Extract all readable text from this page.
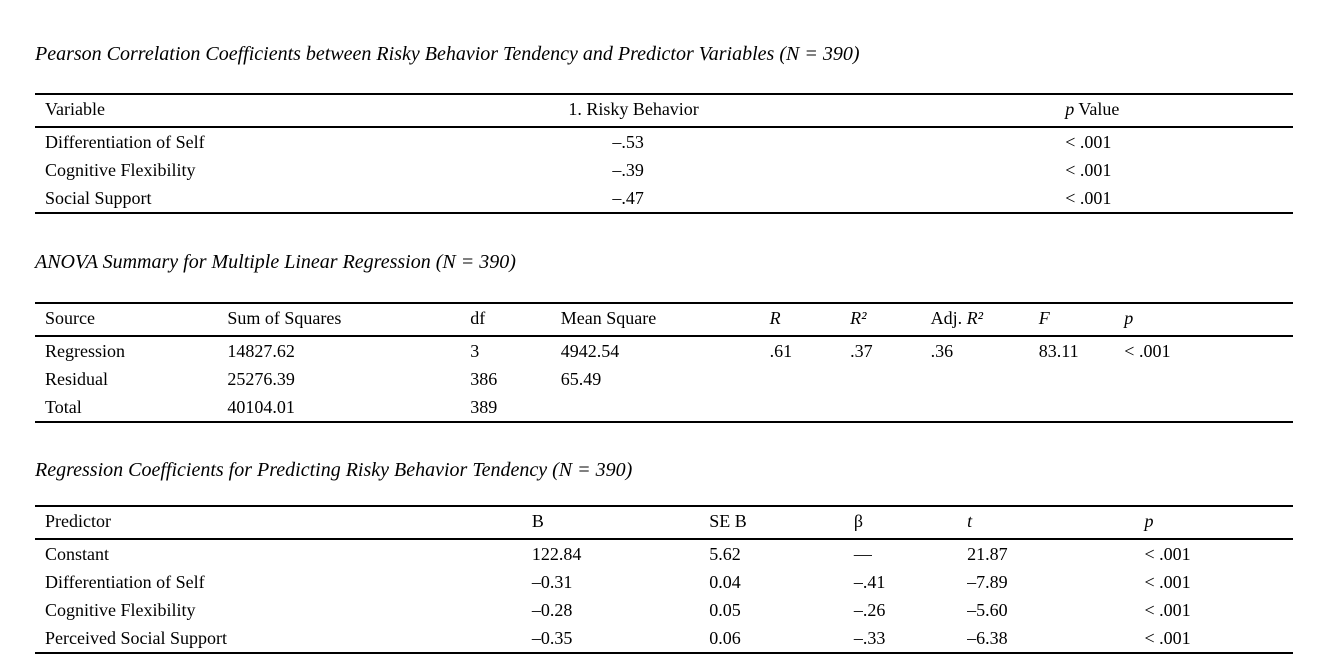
Pearson Correlation Coefficients between Risky Behavior Tendency and Predictor Variables (N = 390)
Variable	1. Risky Behavior	p Value
Differentiation of Self	–.53	< .001
Cognitive Flexibility	–.39	< .001
Social Support	–.47	< .001
ANOVA Summary for Multiple Linear Regression (N = 390)
Source	Sum of Squares	df	Mean Square	R	R²	Adj. R²	F	p
Regression	14827.62	3	4942.54	.61	.37	.36	83.11	< .001
Residual	25276.39	386	65.49					
Total	40104.01	389						
Regression Coefficients for Predicting Risky Behavior Tendency (N = 390)
Predictor	B	SE B	β	t	p
Constant	122.84	5.62	—	21.87	< .001
Differentiation of Self	–0.31	0.04	–.41	–7.89	< .001
Cognitive Flexibility	–0.28	0.05	–.26	–5.60	< .001
Perceived Social Support	–0.35	0.06	–.33	–6.38	< .001
